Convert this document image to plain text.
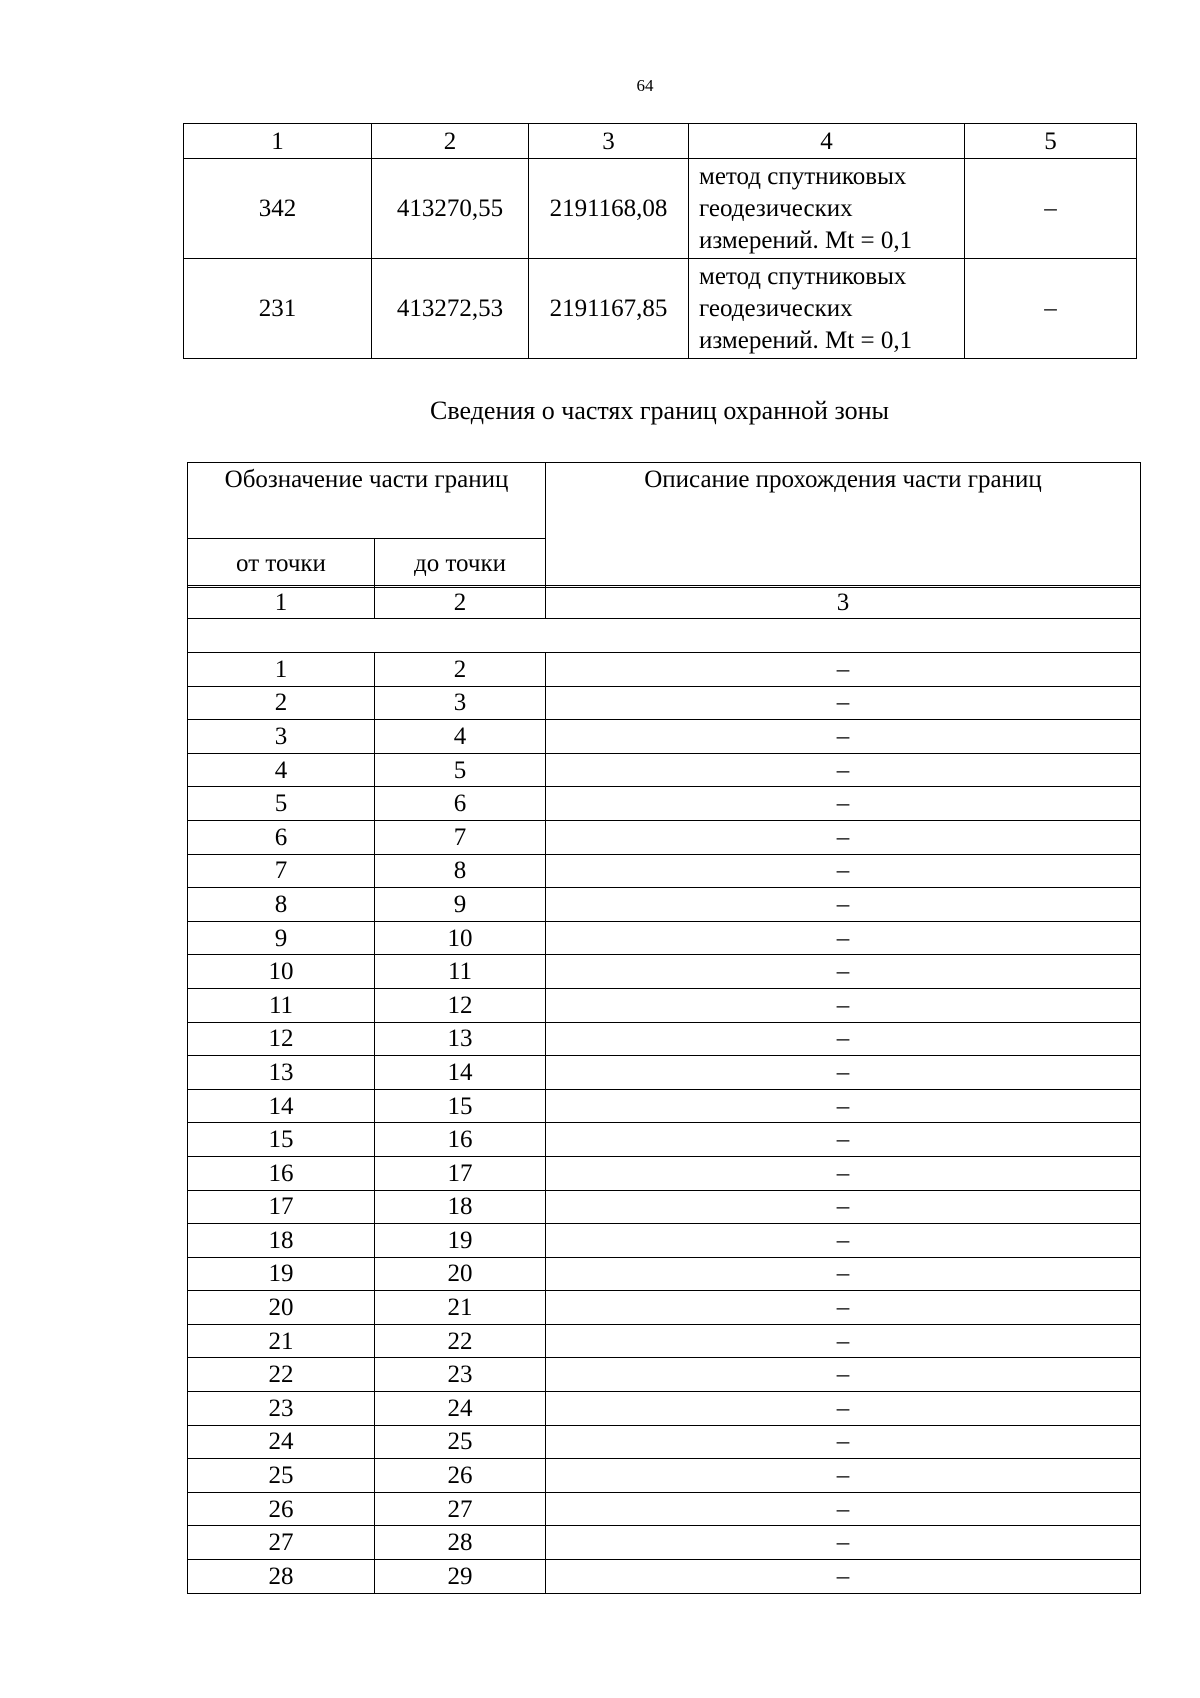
64
1	2	3	4	5
342	413270,55	2191168,08	метод спутниковых
геодезических
измерений. Mt = 0,1	–
231	413272,53	2191167,85	метод спутниковых
геодезических
измерений. Mt = 0,1	–
Сведения о частях границ охранной зоны
Обозначение части границ		Описание прохождения части границ
от точки	до точки	
1	2	3

1	2	–
2	3	–
3	4	–
4	5	–
5	6	–
6	7	–
7	8	–
8	9	–
9	10	–
10	11	–
11	12	–
12	13	–
13	14	–
14	15	–
15	16	–
16	17	–
17	18	–
18	19	–
19	20	–
20	21	–
21	22	–
22	23	–
23	24	–
24	25	–
25	26	–
26	27	–
27	28	–
28	29	–
